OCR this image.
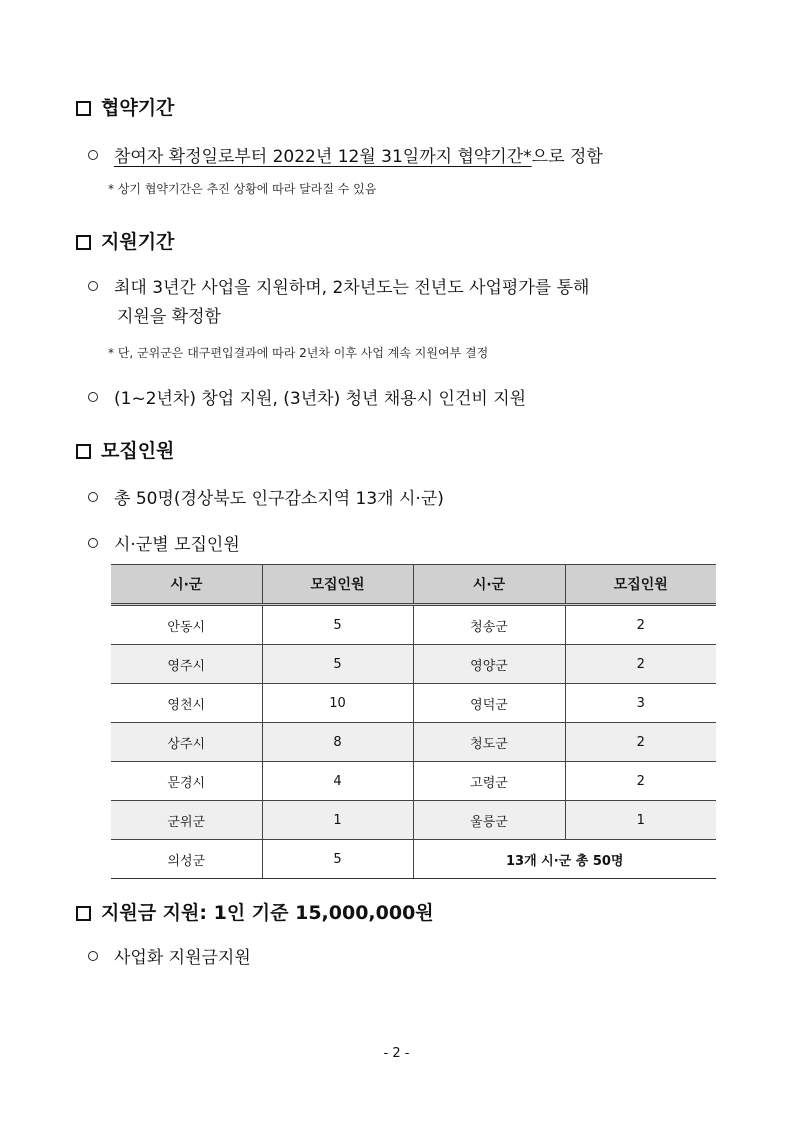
협약기간
참여자 확정일로부터 2022년 12월 31일까지 협약기간*으로 정함
* 상기 협약기간은 추진 상황에 따라 달라질 수 있음
지원기간
최대 3년간 사업을 지원하며, 2차년도는 전년도 사업평가를 통해
지원을 확정함
* 단, 군위군은 대구편입결과에 따라 2년차 이후 사업 계속 지원여부 결정
(1~2년차) 창업 지원, (3년차) 청년 채용시 인건비 지원
모집인원
총 50명(경상북도 인구감소지역 13개 시·군)
시·군별 모집인원
시·군	모집인원	시·군	모집인원
안동시	5	청송군	2
영주시	5	영양군	2
영천시	10	영덕군	3
상주시	8	청도군	2
문경시	4	고령군	2
군위군	1	울릉군	1
의성군	5	13개 시·군 총 50명	
지원금 지원: 1인 기준 15,000,000원
사업화 지원금지원
- 2 -
